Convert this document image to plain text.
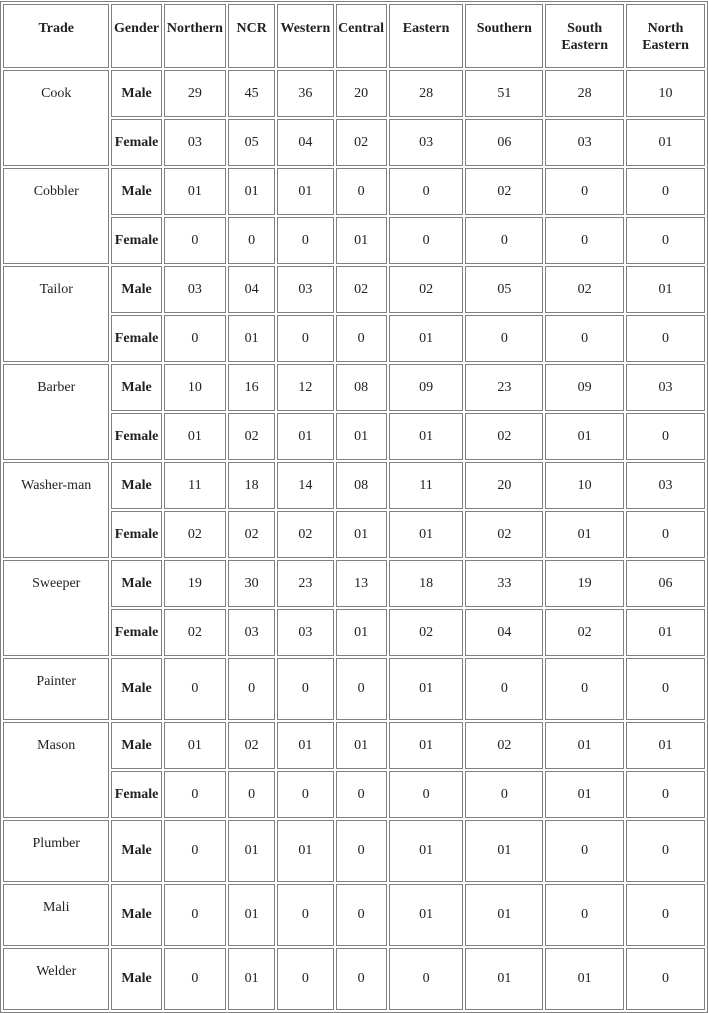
Trade	Gender	Northern	NCR	Western	Central	Eastern	Southern	South Eastern	North Eastern
Cook	Male	29	45	36	20	28	51	28	10
	Female	03	05	04	02	03	06	03	01
Cobbler	Male	01	01	01	0	0	02	0	0
	Female	0	0	0	01	0	0	0	0
Tailor	Male	03	04	03	02	02	05	02	01
	Female	0	01	0	0	01	0	0	0
Barber	Male	10	16	12	08	09	23	09	03
	Female	01	02	01	01	01	02	01	0
Washer-man	Male	11	18	14	08	11	20	10	03
	Female	02	02	02	01	01	02	01	0
Sweeper	Male	19	30	23	13	18	33	19	06
	Female	02	03	03	01	02	04	02	01
Painter	Male	0	0	0	0	01	0	0	0
Mason	Male	01	02	01	01	01	02	01	01
	Female	0	0	0	0	0	0	01	0
Plumber	Male	0	01	01	0	01	01	0	0
Mali	Male	0	01	0	0	01	01	0	0
Welder	Male	0	01	0	0	0	01	01	0
